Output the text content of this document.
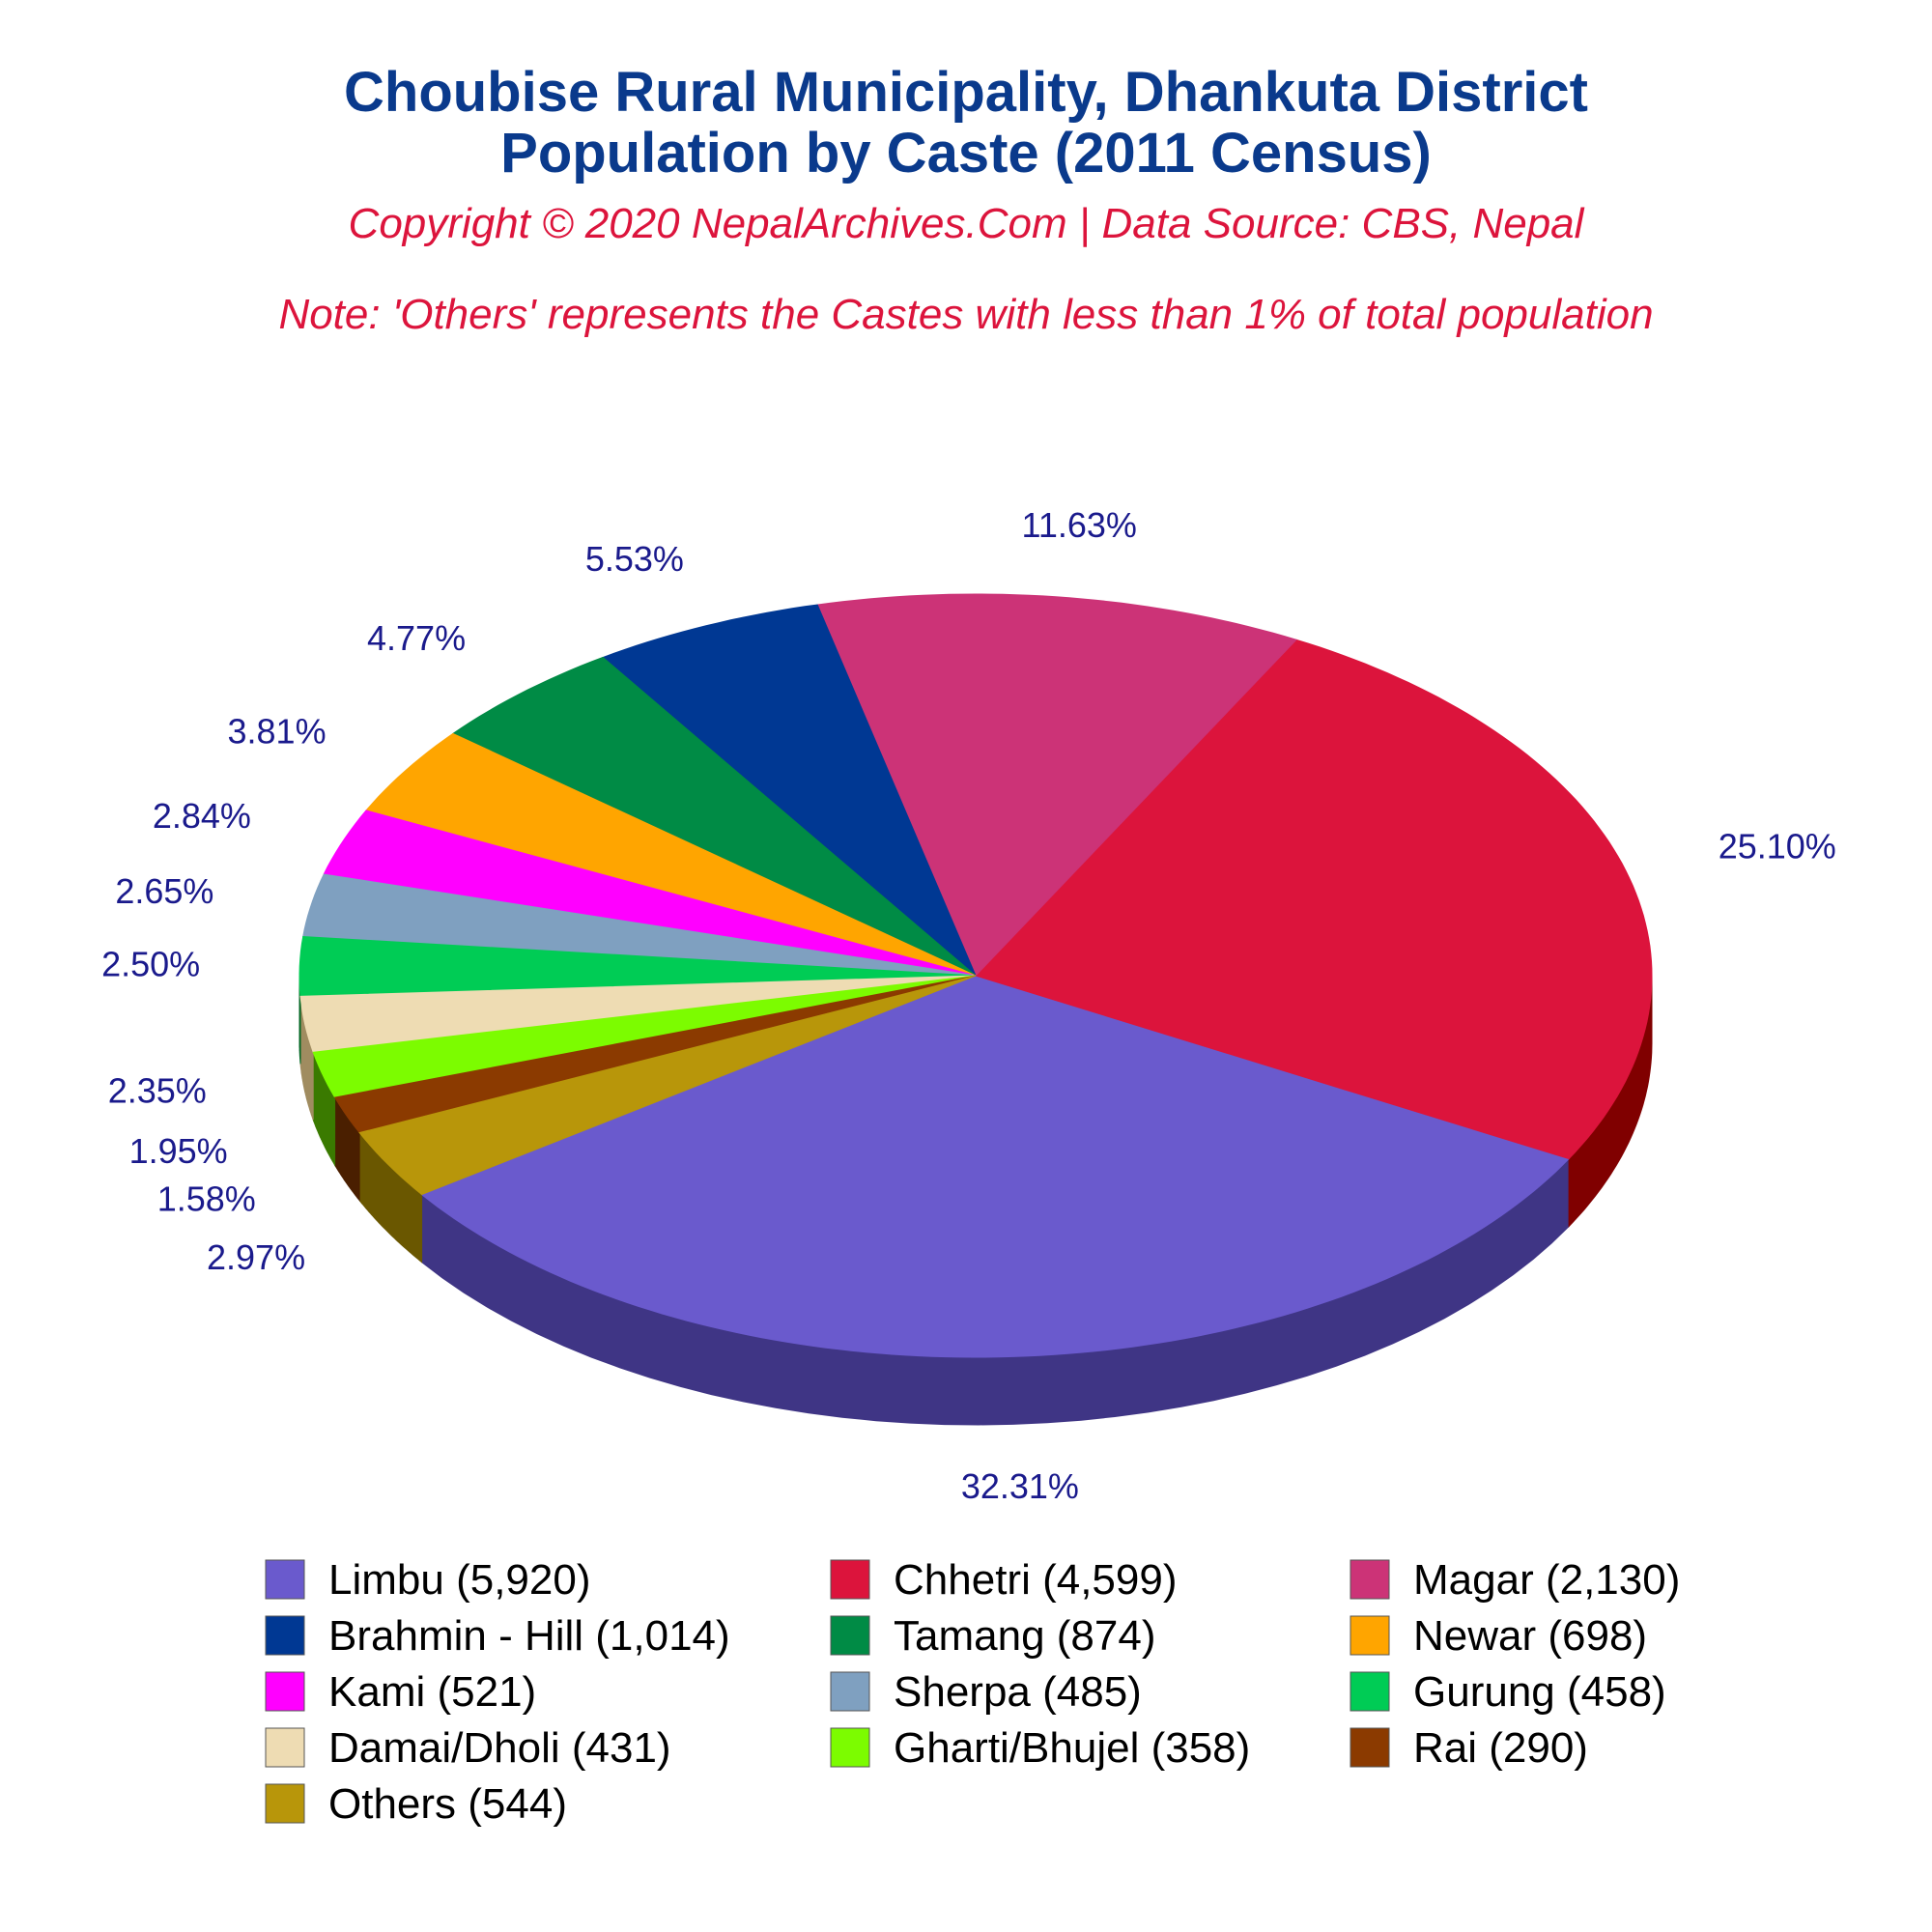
Choubise Rural Municipality, Dhankuta District
Population by Caste (2011 Census)
Copyright © 2020 NepalArchives.Com | Data Source: CBS, Nepal
Note: 'Others' represents the Castes with less than 1% of total population
32.31%
25.10%
11.63%
5.53%
4.77%
3.81%
2.84%
2.65%
2.50%
2.35%
1.95%
1.58%
2.97%
Limbu (5,920)	Chhetri (4,599)	Magar (2,130)
Brahmin - Hill (1,014)	Tamang (874)	Newar (698)
Kami (521)	Sherpa (485)	Gurung (458)
Damai/Dholi (431)	Gharti/Bhujel (358)	Rai (290)
Others (544)
